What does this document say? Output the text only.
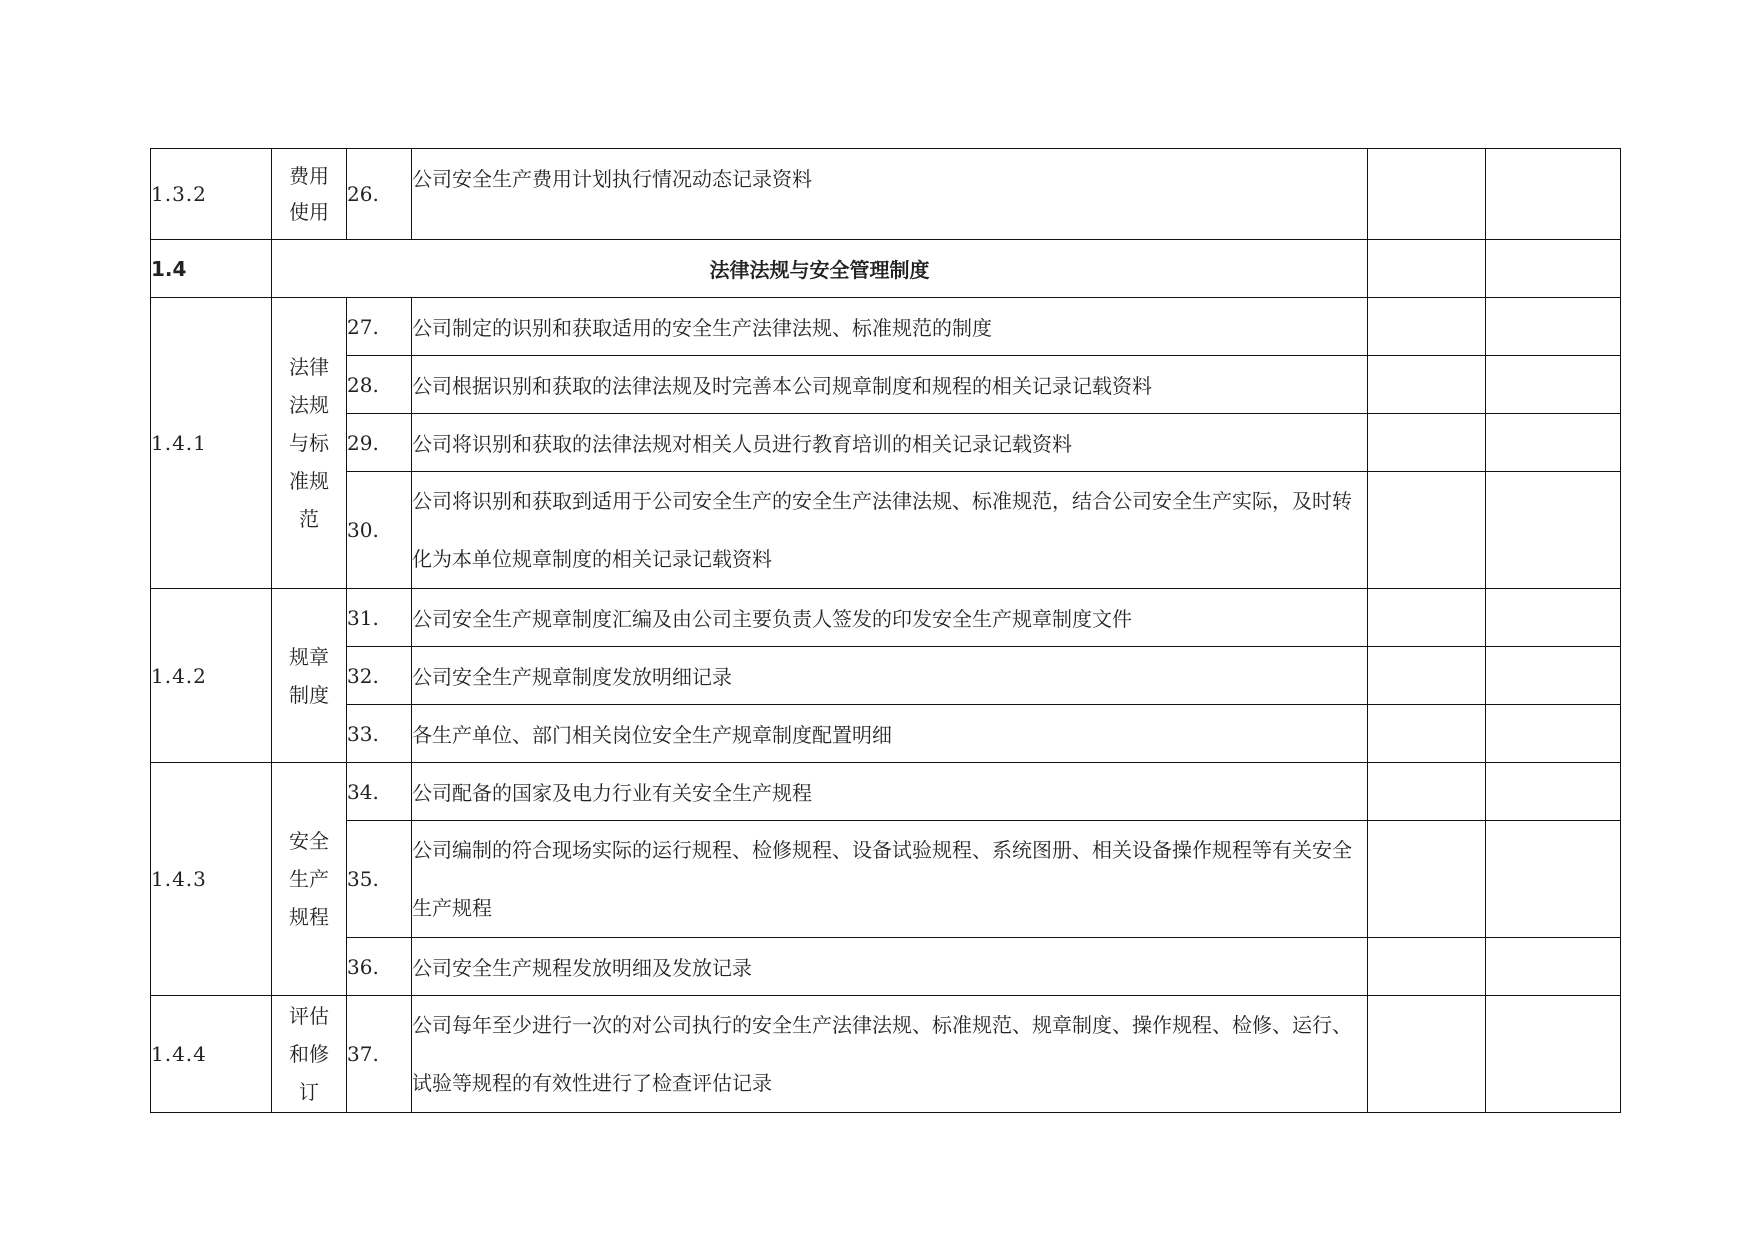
1.3.2	费用使用	26.	公司安全生产费用计划执行情况动态记录资料		
1.4	法律法规与安全管理制度				
1.4.1	法律法规与标准规范	27.	公司制定的识别和获取适用的安全生产法律法规、标准规范的制度		
		28.	公司根据识别和获取的法律法规及时完善本公司规章制度和规程的相关记录记载资料		
		29.	公司将识别和获取的法律法规对相关人员进行教育培训的相关记录记载资料		
		30.	公司将识别和获取到适用于公司安全生产的安全生产法律法规、标准规范，结合公司安全生产实际，及时转化为本单位规章制度的相关记录记载资料		
1.4.2	规章制度	31.	公司安全生产规章制度汇编及由公司主要负责人签发的印发安全生产规章制度文件		
		32.	公司安全生产规章制度发放明细记录		
		33.	各生产单位、部门相关岗位安全生产规章制度配置明细		
1.4.3	安全生产规程	34.	公司配备的国家及电力行业有关安全生产规程		
		35.	公司编制的符合现场实际的运行规程、检修规程、设备试验规程、系统图册、相关设备操作规程等有关安全生产规程		
		36.	公司安全生产规程发放明细及发放记录		
1.4.4	评估和修订	37.	公司每年至少进行一次的对公司执行的安全生产法律法规、标准规范、规章制度、操作规程、检修、运行、试验等规程的有效性进行了检查评估记录		
